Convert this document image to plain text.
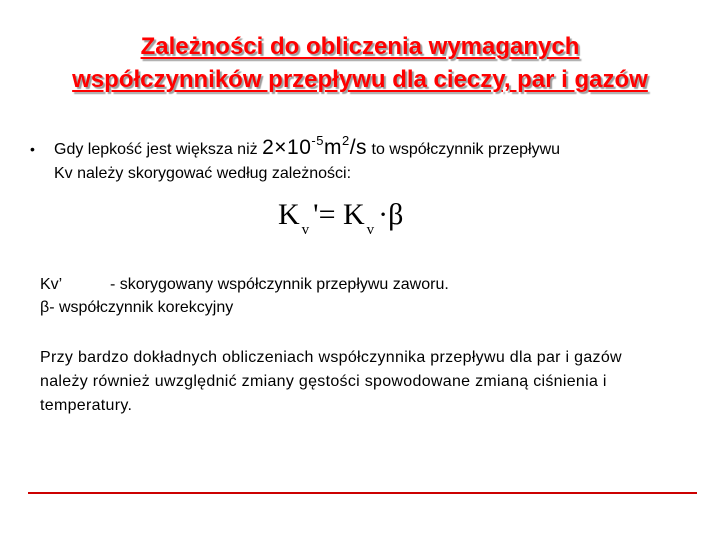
Zależności do obliczenia wymaganych
współczynników przepływu dla cieczy, par i gazów
• Gdy lepkość jest większa niż $2\times 10^{-5}m^2/s$ to współczynnik przepływu
Kv należy skorygować według zależności:
K $_v$ '= K $_v$ ·β
Kv’	- skorygowany współczynnik przepływu zaworu.
β- współczynnik korekcyjny
Przy bardzo dokładnych obliczeniach współczynnika przepływu dla par i gazów należy również uwzględnić zmiany gęstości spowodowane zmianą ciśnienia i temperatury.
